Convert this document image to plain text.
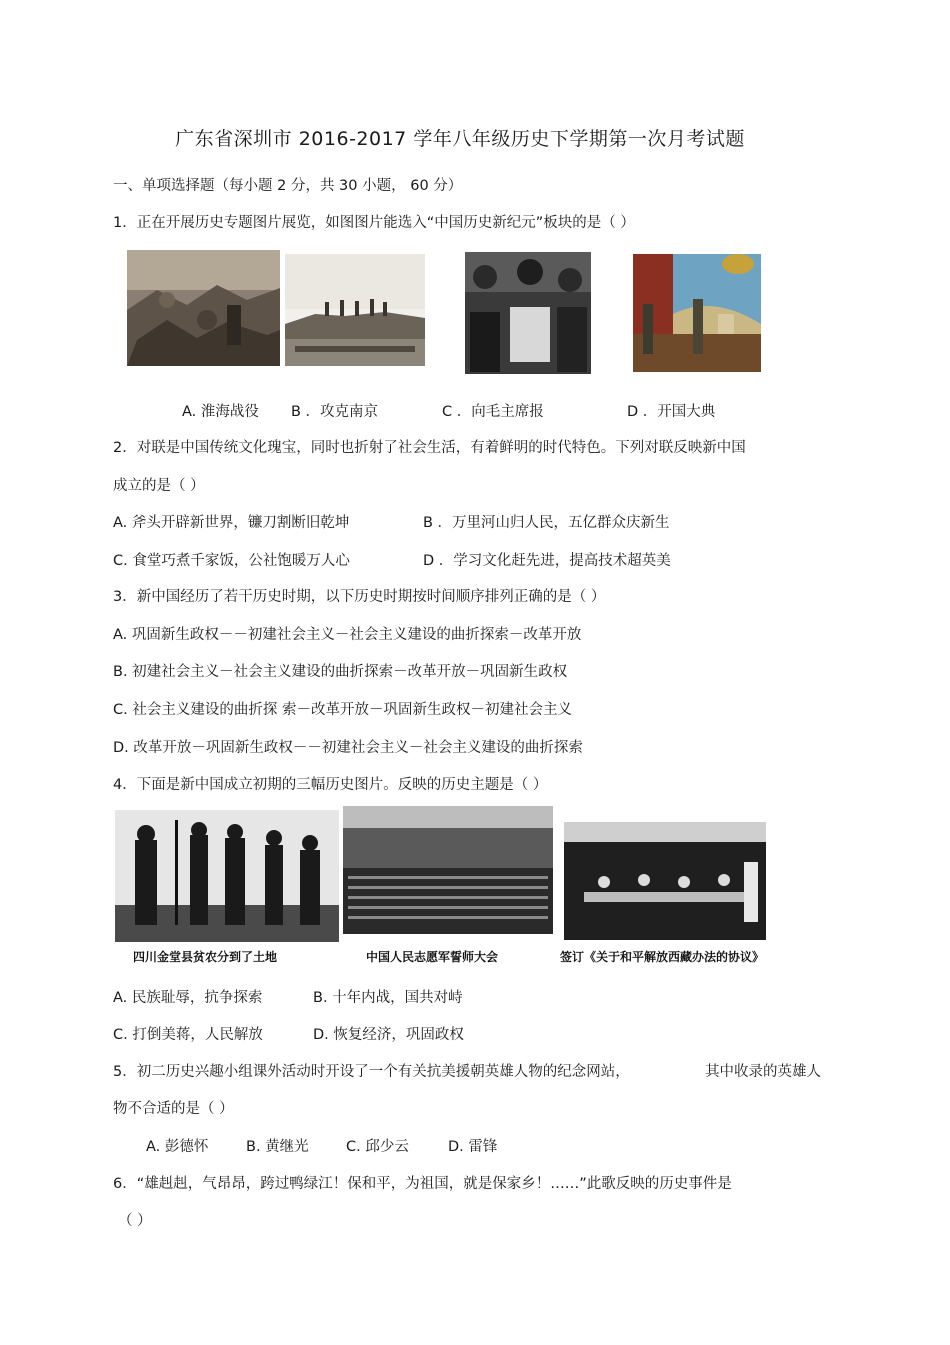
广东省深圳市 2016-2017 学年八年级历史下学期第一次月考试题
一、单项选择题（每小题 2 分，共 30 小题， 60 分）
1．正在开展历史专题图片展览，如图图片能选入“中国历史新纪元”板块的是（ ）
A. 淮海战役 B ．攻克南京	C ．向毛主席报	D ．开国大典
2．对联是中国传统文化瑰宝，同时也折射了社会生活，有着鲜明的时代特色。下列对联反映新中国
成立的是（ ）
A. 斧头开辟新世界，镰刀割断旧乾坤	B ．万里河山归人民，五亿群众庆新生
C. 食堂巧煮千家饭，公社饱暖万人心	D ．学习文化赶先进，提高技术超英美
3．新中国经历了若干历史时期，以下历史时期按时间顺序排列正确的是（ ）
A. 巩固新生政权－－初建社会主义－社会主义建设的曲折探索－改革开放
B. 初建社会主义－社会主义建设的曲折探索－改革开放－巩固新生政权
C. 社会主义建设的曲折探 索－改革开放－巩固新生政权－初建社会主义
D. 改革开放－巩固新生政权－－初建社会主义－社会主义建设的曲折探索
4．下面是新中国成立初期的三幅历史图片。反映的历史主题是（ ）
四川金堂县贫农分到了土地	中国人民志愿军誓师大会	签订《关于和平解放西藏办法的协议》
A. 民族耻辱，抗争探索	B. 十年内战，国共对峙
C. 打倒美蒋，人民解放	D. 恢复经济，巩固政权
5．初二历史兴趣小组课外活动时开设了一个有关抗美援朝英雄人物的纪念网站，	其中收录的英雄人
物不合适的是（ ）
A. 彭德怀	B. 黄继光	C. 邱少云	D. 雷锋
6．“雄赳赳，气昂昂，跨过鸭绿江！保和平，为祖国，就是保家乡！……”此歌反映的历史事件是
（ ）
